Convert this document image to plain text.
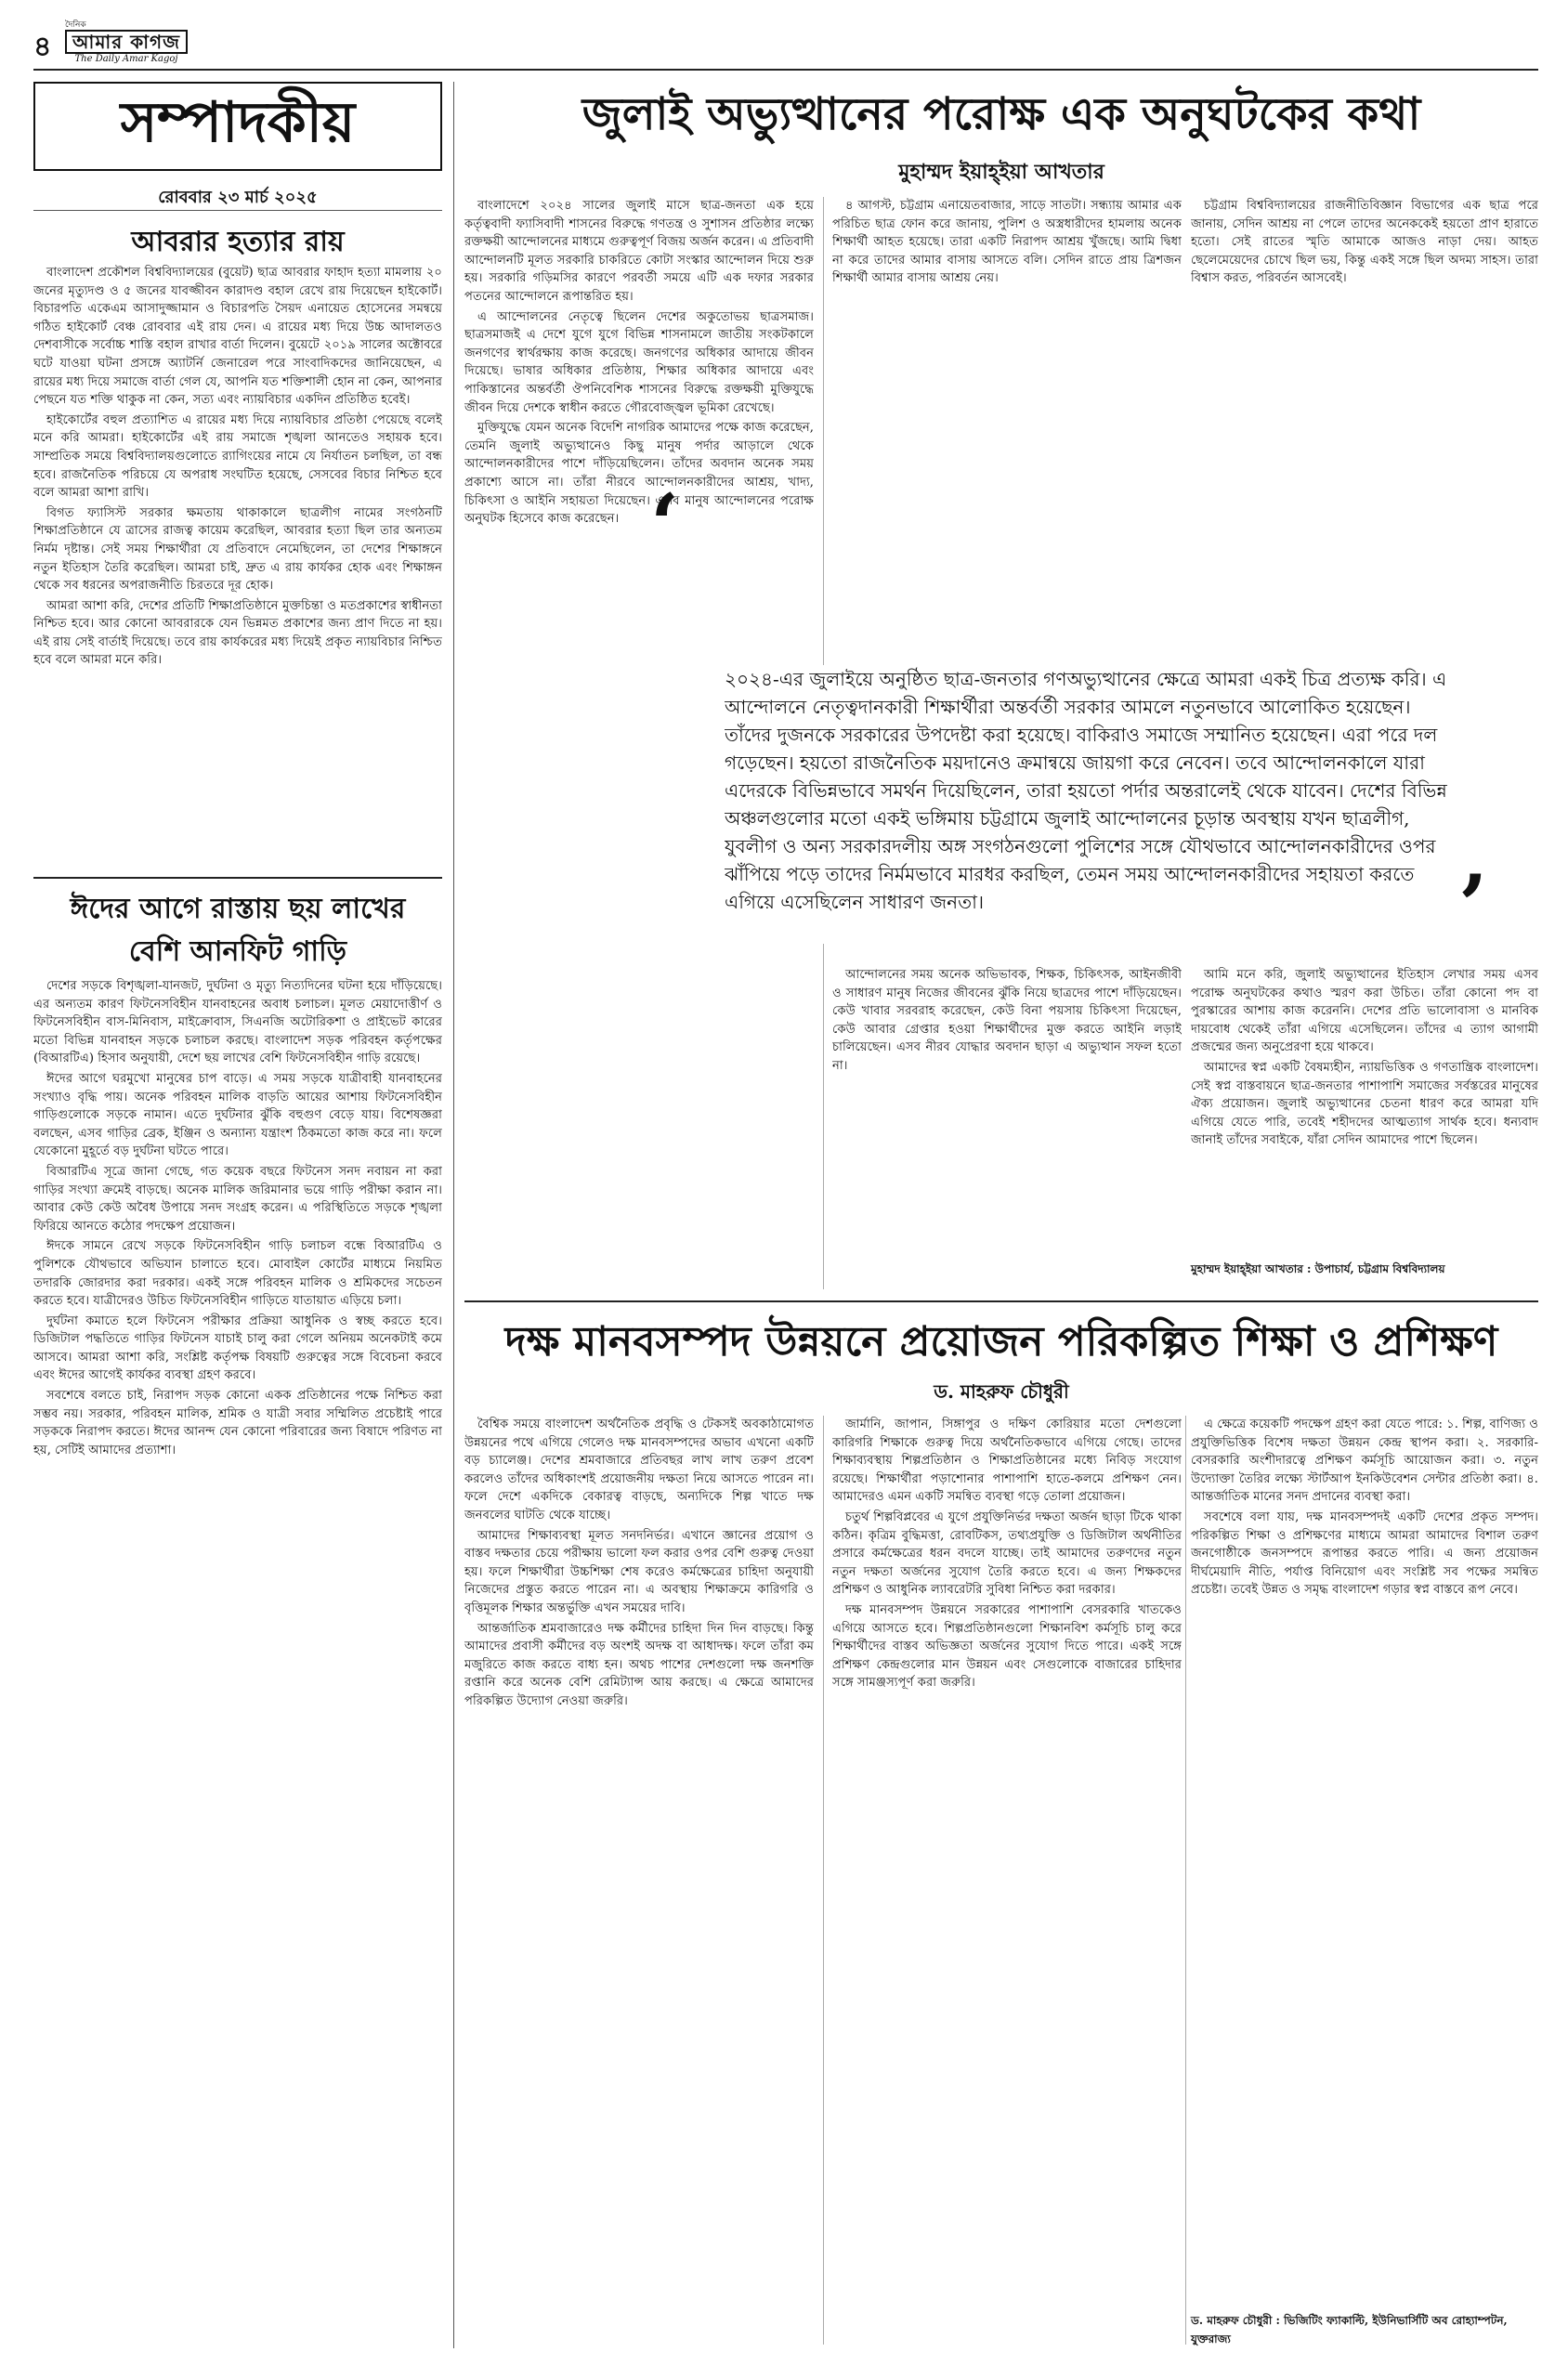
৪
দৈনিক
আমার কাগজ
The Daily Amar Kagoj
সম্পাদকীয়
রোববার ২৩ মার্চ ২০২৫
আবরার হত্যার রায়

বাংলাদেশ প্রকৌশল বিশ্ববিদ্যালয়ের (বুয়েট) ছাত্র আবরার ফাহাদ হত্যা মামলায় ২০ জনের মৃত্যুদণ্ড ও ৫ জনের যাবজ্জীবন কারাদণ্ড বহাল রেখে রায় দিয়েছেন হাইকোর্ট। বিচারপতি একেএম আসাদুজ্জামান ও বিচারপতি সৈয়দ এনায়েত হোসেনের সমন্বয়ে গঠিত হাইকোর্ট বেঞ্চ রোববার এই রায় দেন। এ রায়ের মধ্য দিয়ে উচ্চ আদালতও দেশবাসীকে সর্বোচ্চ শাস্তি বহাল রাখার বার্তা দিলেন। বুয়েটে ২০১৯ সালের অক্টোবরে ঘটে যাওয়া ঘটনা প্রসঙ্গে অ্যাটর্নি জেনারেল পরে সাংবাদিকদের জানিয়েছেন, এ রায়ের মধ্য দিয়ে সমাজে বার্তা গেল যে, আপনি যত শক্তিশালী হোন না কেন, আপনার পেছনে যত শক্তি থাকুক না কেন, সত্য এবং ন্যায়বিচার একদিন প্রতিষ্ঠিত হবেই।

হাইকোর্টের বহুল প্রত্যাশিত এ রায়ের মধ্য দিয়ে ন্যায়বিচার প্রতিষ্ঠা পেয়েছে বলেই মনে করি আমরা। হাইকোর্টের এই রায় সমাজে শৃঙ্খলা আনতেও সহায়ক হবে। সাম্প্রতিক সময়ে বিশ্ববিদ্যালয়গুলোতে র‍্যাগিংয়ের নামে যে নির্যাতন চলছিল, তা বন্ধ হবে। রাজনৈতিক পরিচয়ে যে অপরাধ সংঘটিত হয়েছে, সেসবের বিচার নিশ্চিত হবে বলে আমরা আশা রাখি।

বিগত ফ্যাসিস্ট সরকার ক্ষমতায় থাকাকালে ছাত্রলীগ নামের সংগঠনটি শিক্ষাপ্রতিষ্ঠানে যে ত্রাসের রাজত্ব কায়েম করেছিল, আবরার হত্যা ছিল তার অন্যতম নির্মম দৃষ্টান্ত। সেই সময় শিক্ষার্থীরা যে প্রতিবাদে নেমেছিলেন, তা দেশের শিক্ষাঙ্গনে নতুন ইতিহাস তৈরি করেছিল। আমরা চাই, দ্রুত এ রায় কার্যকর হোক এবং শিক্ষাঙ্গন থেকে সব ধরনের অপরাজনীতি চিরতরে দূর হোক।

আমরা আশা করি, দেশের প্রতিটি শিক্ষাপ্রতিষ্ঠানে মুক্তচিন্তা ও মতপ্রকাশের স্বাধীনতা নিশ্চিত হবে। আর কোনো আবরারকে যেন ভিন্নমত প্রকাশের জন্য প্রাণ দিতে না হয়। এই রায় সেই বার্তাই দিয়েছে। তবে রায় কার্যকরের মধ্য দিয়েই প্রকৃত ন্যায়বিচার নিশ্চিত হবে বলে আমরা মনে করি।

ঈদের আগে রাস্তায় ছয় লাখের
বেশি আনফিট গাড়ি

দেশের সড়কে বিশৃঙ্খলা-যানজট, দুর্ঘটনা ও মৃত্যু নিত্যদিনের ঘটনা হয়ে দাঁড়িয়েছে। এর অন্যতম কারণ ফিটনেসবিহীন যানবাহনের অবাধ চলাচল। মূলত মেয়াদোত্তীর্ণ ও ফিটনেসবিহীন বাস-মিনিবাস, মাইক্রোবাস, সিএনজি অটোরিকশা ও প্রাইভেট কারের মতো বিভিন্ন যানবাহন সড়কে চলাচল করছে। বাংলাদেশ সড়ক পরিবহন কর্তৃপক্ষের (বিআরটিএ) হিসাব অনুযায়ী, দেশে ছয় লাখের বেশি ফিটনেসবিহীন গাড়ি রয়েছে।

ঈদের আগে ঘরমুখো মানুষের চাপ বাড়ে। এ সময় সড়কে যাত্রীবাহী যানবাহনের সংখ্যাও বৃদ্ধি পায়। অনেক পরিবহন মালিক বাড়তি আয়ের আশায় ফিটনেসবিহীন গাড়িগুলোকে সড়কে নামান। এতে দুর্ঘটনার ঝুঁকি বহুগুণ বেড়ে যায়। বিশেষজ্ঞরা বলছেন, এসব গাড়ির ব্রেক, ইঞ্জিন ও অন্যান্য যন্ত্রাংশ ঠিকমতো কাজ করে না। ফলে যেকোনো মুহূর্তে বড় দুর্ঘটনা ঘটতে পারে।

বিআরটিএ সূত্রে জানা গেছে, গত কয়েক বছরে ফিটনেস সনদ নবায়ন না করা গাড়ির সংখ্যা ক্রমেই বাড়ছে। অনেক মালিক জরিমানার ভয়ে গাড়ি পরীক্ষা করান না। আবার কেউ কেউ অবৈধ উপায়ে সনদ সংগ্রহ করেন। এ পরিস্থিতিতে সড়কে শৃঙ্খলা ফিরিয়ে আনতে কঠোর পদক্ষেপ প্রয়োজন।

ঈদকে সামনে রেখে সড়কে ফিটনেসবিহীন গাড়ি চলাচল বন্ধে বিআরটিএ ও পুলিশকে যৌথভাবে অভিযান চালাতে হবে। মোবাইল কোর্টের মাধ্যমে নিয়মিত তদারকি জোরদার করা দরকার। একই সঙ্গে পরিবহন মালিক ও শ্রমিকদের সচেতন করতে হবে। যাত্রীদেরও উচিত ফিটনেসবিহীন গাড়িতে যাতায়াত এড়িয়ে চলা।

দুর্ঘটনা কমাতে হলে ফিটনেস পরীক্ষার প্রক্রিয়া আধুনিক ও স্বচ্ছ করতে হবে। ডিজিটাল পদ্ধতিতে গাড়ির ফিটনেস যাচাই চালু করা গেলে অনিয়ম অনেকটাই কমে আসবে। আমরা আশা করি, সংশ্লিষ্ট কর্তৃপক্ষ বিষয়টি গুরুত্বের সঙ্গে বিবেচনা করবে এবং ঈদের আগেই কার্যকর ব্যবস্থা গ্রহণ করবে।

সবশেষে বলতে চাই, নিরাপদ সড়ক কোনো একক প্রতিষ্ঠানের পক্ষে নিশ্চিত করা সম্ভব নয়। সরকার, পরিবহন মালিক, শ্রমিক ও যাত্রী সবার সম্মিলিত প্রচেষ্টাই পারে সড়ককে নিরাপদ করতে। ঈদের আনন্দ যেন কোনো পরিবারের জন্য বিষাদে পরিণত না হয়, সেটিই আমাদের প্রত্যাশা।

জুলাই অভ্যুত্থানের পরোক্ষ এক অনুঘটকের কথা
মুহাম্মদ ইয়াহ্‌ইয়া আখতার

বাংলাদেশে ২০২৪ সালের জুলাই মাসে ছাত্র-জনতা এক হয়ে কর্তৃত্ববাদী ফ্যাসিবাদী শাসনের বিরুদ্ধে গণতন্ত্র ও সুশাসন প্রতিষ্ঠার লক্ষ্যে রক্তক্ষয়ী আন্দোলনের মাধ্যমে গুরুত্বপূর্ণ বিজয় অর্জন করেন। এ প্রতিবাদী আন্দোলনটি মূলত সরকারি চাকরিতে কোটা সংস্কার আন্দোলন দিয়ে শুরু হয়। সরকারি গড়িমসির কারণে পরবর্তী সময়ে এটি এক দফার সরকার পতনের আন্দোলনে রূপান্তরিত হয়।

এ আন্দোলনের নেতৃত্বে ছিলেন দেশের অকুতোভয় ছাত্রসমাজ। ছাত্রসমাজই এ দেশে যুগে যুগে বিভিন্ন শাসনামলে জাতীয় সংকটকালে জনগণের স্বার্থরক্ষায় কাজ করেছে। জনগণের অধিকার আদায়ে জীবন দিয়েছে। ভাষার অধিকার প্রতিষ্ঠায়, শিক্ষার অধিকার আদায়ে এবং পাকিস্তানের অন্তর্বর্তী ঔপনিবেশিক শাসনের বিরুদ্ধে রক্তক্ষয়ী মুক্তিযুদ্ধে জীবন দিয়ে দেশকে স্বাধীন করতে গৌরবোজ্জ্বল ভূমিকা রেখেছে।

মুক্তিযুদ্ধে যেমন অনেক বিদেশি নাগরিক আমাদের পক্ষে কাজ করেছেন, তেমনি জুলাই অভ্যুত্থানেও কিছু মানুষ পর্দার আড়ালে থেকে আন্দোলনকারীদের পাশে দাঁড়িয়েছিলেন। তাঁদের অবদান অনেক সময় প্রকাশ্যে আসে না। তাঁরা নীরবে আন্দোলনকারীদের আশ্রয়, খাদ্য, চিকিৎসা ও আইনি সহায়তা দিয়েছেন। এসব মানুষ আন্দোলনের পরোক্ষ অনুঘটক হিসেবে কাজ করেছেন।

৪ আগস্ট, চট্টগ্রাম এনায়েতবাজার, সাড়ে সাতটা। সন্ধ্যায় আমার এক পরিচিত ছাত্র ফোন করে জানায়, পুলিশ ও অস্ত্রধারীদের হামলায় অনেক শিক্ষার্থী আহত হয়েছে। তারা একটি নিরাপদ আশ্রয় খুঁজছে। আমি দ্বিধা না করে তাদের আমার বাসায় আসতে বলি। সেদিন রাতে প্রায় ত্রিশজন শিক্ষার্থী আমার বাসায় আশ্রয় নেয়।

চট্টগ্রাম বিশ্ববিদ্যালয়ের রাজনীতিবিজ্ঞান বিভাগের এক ছাত্র পরে জানায়, সেদিন আশ্রয় না পেলে তাদের অনেককেই হয়তো প্রাণ হারাতে হতো। সেই রাতের স্মৃতি আমাকে আজও নাড়া দেয়। আহত ছেলেমেয়েদের চোখে ছিল ভয়, কিন্তু একই সঙ্গে ছিল অদম্য সাহস। তারা বিশ্বাস করত, পরিবর্তন আসবেই।

‘
২০২৪-এর জুলাইয়ে অনুষ্ঠিত ছাত্র-জনতার গণঅভ্যুত্থানের ক্ষেত্রে আমরা একই চিত্র প্রত্যক্ষ করি। এ আন্দোলনে নেতৃত্বদানকারী শিক্ষার্থীরা অন্তর্বর্তী সরকার আমলে নতুনভাবে আলোকিত হয়েছেন। তাঁদের দুজনকে সরকারের উপদেষ্টা করা হয়েছে। বাকিরাও সমাজে সম্মানিত হয়েছেন। এরা পরে দল গড়েছেন। হয়তো রাজনৈতিক ময়দানেও ক্রমান্বয়ে জায়গা করে নেবেন। তবে আন্দোলনকালে যারা এদেরকে বিভিন্নভাবে সমর্থন দিয়েছিলেন, তারা হয়তো পর্দার অন্তরালেই থেকে যাবেন। দেশের বিভিন্ন অঞ্চলগুলোর মতো একই ভঙ্গিমায় চট্টগ্রামে জুলাই আন্দোলনের চূড়ান্ত অবস্থায় যখন ছাত্রলীগ, যুবলীগ ও অন্য সরকারদলীয় অঙ্গ সংগঠনগুলো পুলিশের সঙ্গে যৌথভাবে আন্দোলনকারীদের ওপর ঝাঁপিয়ে পড়ে তাদের নির্মমভাবে মারধর করছিল, তেমন সময় আন্দোলনকারীদের সহায়তা করতে এগিয়ে এসেছিলেন সাধারণ জনতা।	’

আন্দোলনের সময় অনেক অভিভাবক, শিক্ষক, চিকিৎসক, আইনজীবী ও সাধারণ মানুষ নিজের জীবনের ঝুঁকি নিয়ে ছাত্রদের পাশে দাঁড়িয়েছেন। কেউ খাবার সরবরাহ করেছেন, কেউ বিনা পয়সায় চিকিৎসা দিয়েছেন, কেউ আবার গ্রেপ্তার হওয়া শিক্ষার্থীদের মুক্ত করতে আইনি লড়াই চালিয়েছেন। এসব নীরব যোদ্ধার অবদান ছাড়া এ অভ্যুত্থান সফল হতো না।

আমি মনে করি, জুলাই অভ্যুত্থানের ইতিহাস লেখার সময় এসব পরোক্ষ অনুঘটকের কথাও স্মরণ করা উচিত। তাঁরা কোনো পদ বা পুরস্কারের আশায় কাজ করেননি। দেশের প্রতি ভালোবাসা ও মানবিক দায়বোধ থেকেই তাঁরা এগিয়ে এসেছিলেন। তাঁদের এ ত্যাগ আগামী প্রজন্মের জন্য অনুপ্রেরণা হয়ে থাকবে।

আমাদের স্বপ্ন একটি বৈষম্যহীন, ন্যায়ভিত্তিক ও গণতান্ত্রিক বাংলাদেশ। সেই স্বপ্ন বাস্তবায়নে ছাত্র-জনতার পাশাপাশি সমাজের সর্বস্তরের মানুষের ঐক্য প্রয়োজন। জুলাই অভ্যুত্থানের চেতনা ধারণ করে আমরা যদি এগিয়ে যেতে পারি, তবেই শহীদদের আত্মত্যাগ সার্থক হবে। ধন্যবাদ জানাই তাঁদের সবাইকে, যাঁরা সেদিন আমাদের পাশে ছিলেন।

মুহাম্মদ ইয়াহ্‌ইয়া আখতার : উপাচার্য, চট্টগ্রাম বিশ্ববিদ্যালয়
দক্ষ মানবসম্পদ উন্নয়নে প্রয়োজন পরিকল্পিত শিক্ষা ও প্রশিক্ষণ
ড. মাহরুফ চৌধুরী

বৈশ্বিক সময়ে বাংলাদেশ অর্থনৈতিক প্রবৃদ্ধি ও টেকসই অবকাঠামোগত উন্নয়নের পথে এগিয়ে গেলেও দক্ষ মানবসম্পদের অভাব এখনো একটি বড় চ্যালেঞ্জ। দেশের শ্রমবাজারে প্রতিবছর লাখ লাখ তরুণ প্রবেশ করলেও তাঁদের অধিকাংশই প্রয়োজনীয় দক্ষতা নিয়ে আসতে পারেন না। ফলে দেশে একদিকে বেকারত্ব বাড়ছে, অন্যদিকে শিল্প খাতে দক্ষ জনবলের ঘাটতি থেকে যাচ্ছে।

আমাদের শিক্ষাব্যবস্থা মূলত সনদনির্ভর। এখানে জ্ঞানের প্রয়োগ ও বাস্তব দক্ষতার চেয়ে পরীক্ষায় ভালো ফল করার ওপর বেশি গুরুত্ব দেওয়া হয়। ফলে শিক্ষার্থীরা উচ্চশিক্ষা শেষ করেও কর্মক্ষেত্রের চাহিদা অনুযায়ী নিজেদের প্রস্তুত করতে পারেন না। এ অবস্থায় শিক্ষাক্রমে কারিগরি ও বৃত্তিমূলক শিক্ষার অন্তর্ভুক্তি এখন সময়ের দাবি।

আন্তর্জাতিক শ্রমবাজারেও দক্ষ কর্মীদের চাহিদা দিন দিন বাড়ছে। কিন্তু আমাদের প্রবাসী কর্মীদের বড় অংশই অদক্ষ বা আধাদক্ষ। ফলে তাঁরা কম মজুরিতে কাজ করতে বাধ্য হন। অথচ পাশের দেশগুলো দক্ষ জনশক্তি রপ্তানি করে অনেক বেশি রেমিট্যান্স আয় করছে। এ ক্ষেত্রে আমাদের পরিকল্পিত উদ্যোগ নেওয়া জরুরি।

জার্মানি, জাপান, সিঙ্গাপুর ও দক্ষিণ কোরিয়ার মতো দেশগুলো কারিগরি শিক্ষাকে গুরুত্ব দিয়ে অর্থনৈতিকভাবে এগিয়ে গেছে। তাদের শিক্ষাব্যবস্থায় শিল্পপ্রতিষ্ঠান ও শিক্ষাপ্রতিষ্ঠানের মধ্যে নিবিড় সংযোগ রয়েছে। শিক্ষার্থীরা পড়াশোনার পাশাপাশি হাতে-কলমে প্রশিক্ষণ নেন। আমাদেরও এমন একটি সমন্বিত ব্যবস্থা গড়ে তোলা প্রয়োজন।

চতুর্থ শিল্পবিপ্লবের এ যুগে প্রযুক্তিনির্ভর দক্ষতা অর্জন ছাড়া টিকে থাকা কঠিন। কৃত্রিম বুদ্ধিমত্তা, রোবটিকস, তথ্যপ্রযুক্তি ও ডিজিটাল অর্থনীতির প্রসারে কর্মক্ষেত্রের ধরন বদলে যাচ্ছে। তাই আমাদের তরুণদের নতুন নতুন দক্ষতা অর্জনের সুযোগ তৈরি করতে হবে। এ জন্য শিক্ষকদের প্রশিক্ষণ ও আধুনিক ল্যাবরেটরি সুবিধা নিশ্চিত করা দরকার।

দক্ষ মানবসম্পদ উন্নয়নে সরকারের পাশাপাশি বেসরকারি খাতকেও এগিয়ে আসতে হবে। শিল্পপ্রতিষ্ঠানগুলো শিক্ষানবিশ কর্মসূচি চালু করে শিক্ষার্থীদের বাস্তব অভিজ্ঞতা অর্জনের সুযোগ দিতে পারে। একই সঙ্গে প্রশিক্ষণ কেন্দ্রগুলোর মান উন্নয়ন এবং সেগুলোকে বাজারের চাহিদার সঙ্গে সামঞ্জস্যপূর্ণ করা জরুরি।

এ ক্ষেত্রে কয়েকটি পদক্ষেপ গ্রহণ করা যেতে পারে: ১. শিল্প, বাণিজ্য ও প্রযুক্তিভিত্তিক বিশেষ দক্ষতা উন্নয়ন কেন্দ্র স্থাপন করা। ২. সরকারি-বেসরকারি অংশীদারত্বে প্রশিক্ষণ কর্মসূচি আয়োজন করা। ৩. নতুন উদ্যোক্তা তৈরির লক্ষ্যে স্টার্টআপ ইনকিউবেশন সেন্টার প্রতিষ্ঠা করা। ৪. আন্তর্জাতিক মানের সনদ প্রদানের ব্যবস্থা করা।

সবশেষে বলা যায়, দক্ষ মানবসম্পদই একটি দেশের প্রকৃত সম্পদ। পরিকল্পিত শিক্ষা ও প্রশিক্ষণের মাধ্যমে আমরা আমাদের বিশাল তরুণ জনগোষ্ঠীকে জনসম্পদে রূপান্তর করতে পারি। এ জন্য প্রয়োজন দীর্ঘমেয়াদি নীতি, পর্যাপ্ত বিনিয়োগ এবং সংশ্লিষ্ট সব পক্ষের সমন্বিত প্রচেষ্টা। তবেই উন্নত ও সমৃদ্ধ বাংলাদেশ গড়ার স্বপ্ন বাস্তবে রূপ নেবে।

ড. মাহরুফ চৌধুরী : ভিজিটিং ফ্যাকাল্টি, ইউনিভার্সিটি অব রোহ্যাম্পটন, যুক্তরাজ্য
